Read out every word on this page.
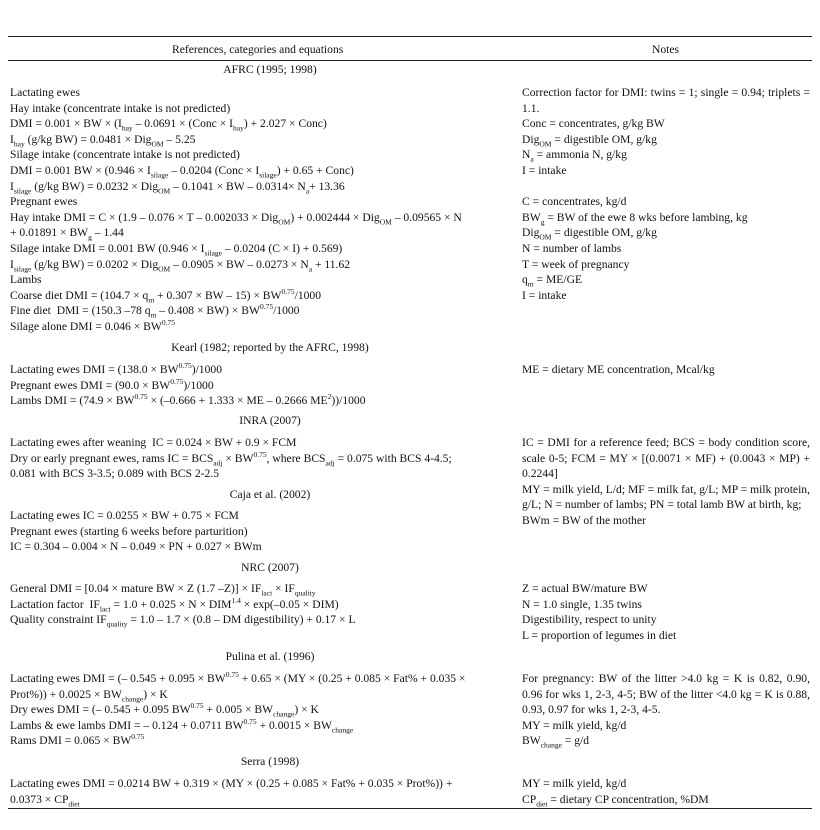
References, categories and equations	Notes
AFRC (1995; 1998)
Lactating ewes
Hay intake (concentrate intake is not predicted)
DMI = 0.001 × BW × ($I_{hay} - 0.0691$ × (Conc × $I_{hay}) + 2.027$ × Conc)
$I_{hay}$ (g/kg BW) = 0.0481 × Dig$_{OM}$ – 5.25
Silage intake (concentrate intake is not predicted)
DMI = 0.001 BW × ($0.946 \times I_{silage} - 0.0204$ (Conc × $I_{silage}) + 0.65$ + Conc)
$I_{silage}$ (g/kg BW) = 0.0232 × Dig$_{OM}$ – 0.1041 × BW – $0.0314\times N_a+ 13.36$
Pregnant ewes
Hay intake DMI = C × (1.9 – 0.076 × T – 0.002033 × Dig$_{OM}$) + 0.002444 × Dig$_{OM}$ – 0.09565 × N
+ $0.01891 \times BW_g - 1.44$
Silage intake DMI = 0.001 BW ($0.946 \times I_{silage} - 0.0204$ (C × I) + 0.569)
$I_{silage}$ (g/kg BW) = 0.0202 × Dig$_{OM}$ – 0.0905 × BW – $0.0273 \times N_a + 11.62$
Lambs
Coarse diet DMI = ($104.7 \times q_m + 0.307$ × BW – $15) \times BW^{0.75}/1000$
Fine diet  DMI = (150.3 –78 $q_m - 0.408 \times BW) \times BW^{0.75}/1000$
Silage alone DMI = $0.046 \times BW^{0.75}$
Correction factor for DMI: twins = 1; single = 0.94; triplets = 1.1.

Conc = concentrates, g/kg BW
Dig$_{OM}$ = digestible OM, g/kg
$N_a$ = ammonia N, g/kg
I = intake

C = concentrates, kg/d
$BW_g$ = BW of the ewe 8 wks before lambing, kg
Dig$_{OM}$ = digestible OM, g/kg
N = number of lambs
T = week of pregnancy
$q_m = ME/GE$
I = intake
Kearl (1982; reported by the AFRC, 1998)
Lactating ewes DMI = $(138.0 \times BW^{0.75})/1000$
Pregnant ewes DMI = $(90.0 \times BW^{0.75})/1000$
Lambs DMI = ($74.9 \times BW^{0.75} \times (-0.666 + 1.333$ × ME – 0.2666 $ME^2))/1000$
ME = dietary ME concentration, Mcal/kg
INRA (2007)
Lactating ewes after weaning  IC = 0.024 × BW + 0.9 × FCM
Dry or early pregnant ewes, rams IC = $BCS_{adj} \times BW^{0.75}$, where $BCS_{adj} = 0.075$ with BCS 4-4.5;
0.081 with BCS 3-3.5; 0.089 with BCS 2-2.5
IC = DMI for a reference feed; BCS = body condition score, scale 0-5; FCM = MY × [(0.0071 × MF) + (0.0043 × MP) + 0.2244]
MY = milk yield, L/d; MF = milk fat, g/L; MP = milk protein, g/L; N = number of lambs; PN = total lamb BW at birth, kg;
BWm = BW of the mother
Caja et al. (2002)
Lactating ewes IC = 0.0255 × BW + 0.75 × FCM
Pregnant ewes (starting 6 weeks before parturition)
IC = 0.304 – 0.004 × N – 0.049 × PN + 0.027 × BWm
NRC (2007)
General DMI = [0.04 × mature BW × Z (1.7 $-Z)] \times IF_{lact} \times IF_{quality}$
Lactation factor  $IF_{lact} = 1.0 + 0.025 \times N \times DIM^{1.4} \times \exp(-0.05 \times DIM)$
Quality constraint $IF_{quality} = 1.0 - 1.7 \times (0.8$ – DM digestibility) + 0.17 × L
Z = actual BW/mature BW
N = 1.0 single, 1.35 twins
Digestibility, respect to unity
L = proportion of legumes in diet
Pulina et al. (1996)
Lactating ewes DMI = (– $0.545 + 0.095 \times BW^{0.75} + 0.65 \times (MY \times (0.25 + 0.085 \times Fat\% + 0.035$ ×
Prot%)) + $0.0025 \times BW_{change}) \times K$
Dry ewes DMI = (– 0.545 + 0.095 $BW^{0.75} + 0.005 \times BW_{change}) \times K$
Lambs & ewe lambs DMI = – 0.124 + 0.0711 $BW^{0.75} + 0.0015 \times BW_{change}$
Rams DMI = $0.065 \times BW^{0.75}$
For pregnancy: BW of the litter >4.0 kg = K is 0.82, 0.90, 0.96 for wks 1, 2-3, 4-5; BW of the litter <4.0 kg = K is 0.88, 0.93, 0.97 for wks 1, 2-3, 4-5.
MY = milk yield, kg/d
$BW_{change} = g/d$
Serra (1998)
Lactating ewes DMI = 0.0214 BW + 0.319 × (MY × (0.25 + 0.085 × Fat% + 0.035 × Prot%)) +
$0.0373 \times CP_{diet}$
MY = milk yield, kg/d
$CP_{diet}$ = dietary CP concentration, %DM
